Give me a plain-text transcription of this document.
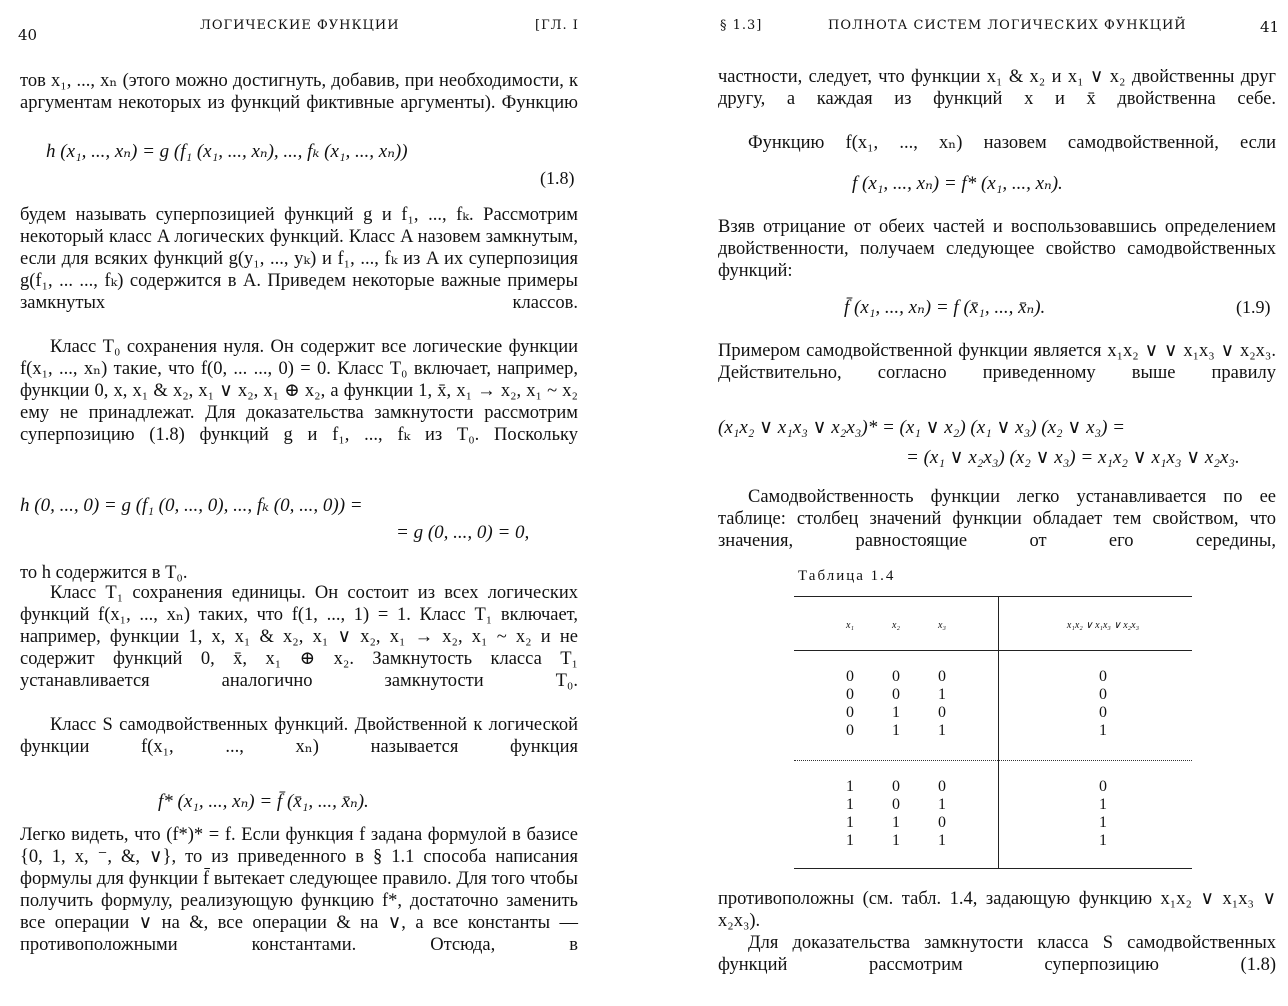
40
ЛОГИЧЕСКИЕ ФУНКЦИИ	[ГЛ. I
тов x₁, ..., xₙ (этого можно достигнуть, добавив, при необходимости, к аргументам некоторых из функций фиктивные аргументы). Функцию
h (x₁, ..., xₙ) = g (f₁ (x₁, ..., xₙ), ..., fₖ (x₁, ..., xₙ))
(1.8)
будем называть суперпозицией функций g и f₁, ..., fₖ. Рассмотрим некоторый класс A логических функций. Класс A назовем замкнутым, если для всяких функций g(y₁, ..., yₖ) и f₁, ..., fₖ из A их суперпозиция g(f₁, ... ..., fₖ) содержится в A. Приведем некоторые важные примеры замкнутых классов.
Класс T₀ сохранения нуля. Он содержит все логические функции f(x₁, ..., xₙ) такие, что f(0, ... ..., 0) = 0. Класс T₀ включает, например, функции 0, x, x₁ & x₂, x₁ ∨ x₂, x₁ ⊕ x₂, а функции 1, x̄, x₁ → x₂, x₁ ~ x₂ ему не принадлежат. Для доказательства замкнутости рассмотрим суперпозицию (1.8) функций g и f₁, ..., fₖ из T₀. Поскольку
h (0, ..., 0) = g (f₁ (0, ..., 0), ..., fₖ (0, ..., 0)) =
= g (0, ..., 0) = 0,
то h содержится в T₀.
Класс T₁ сохранения единицы. Он состоит из всех логических функций f(x₁, ..., xₙ) таких, что f(1, ..., 1) = 1. Класс T₁ включает, например, функции 1, x, x₁ & x₂, x₁ ∨ x₂, x₁ → x₂, x₁ ~ x₂ и не содержит функций 0, x̄, x₁ ⊕ x₂. Замкнутость класса T₁ устанавливается аналогично замкнутости T₀.
Класс S самодвойственных функций. Двойственной к логической функции f(x₁, ..., xₙ) называется функция
f* (x₁, ..., xₙ) = f̄ (x̄₁, ..., x̄ₙ).
Легко видеть, что (f*)* = f. Если функция f задана формулой в базисе {0, 1, x, ⁻, &, ∨}, то из приведенного в § 1.1 способа написания формулы для функции f̄ вытекает следующее правило. Для того чтобы получить формулу, реализующую функцию f*, достаточно заменить все операции ∨ на &, все операции & на ∨, а все константы — противоположными константами. Отсюда, в
§ 1.3]	ПОЛНОТА СИСТЕМ ЛОГИЧЕСКИХ ФУНКЦИЙ	41
частности, следует, что функции x₁ & x₂ и x₁ ∨ x₂ двойственны друг другу, а каждая из функций x и x̄ двойственна себе.
Функцию f(x₁, ..., xₙ) назовем самодвойственной, если
f (x₁, ..., xₙ) = f* (x₁, ..., xₙ).
Взяв отрицание от обеих частей и воспользовавшись определением двойственности, получаем следующее свойство самодвойственных функций:
f̄ (x₁, ..., xₙ) = f (x̄₁, ..., x̄ₙ).	(1.9)
Примером самодвойственной функции является x₁x₂ ∨ ∨ x₁x₃ ∨ x₂x₃. Действительно, согласно приведенному выше правилу
(x₁x₂ ∨ x₁x₃ ∨ x₂x₃)* = (x₁ ∨ x₂) (x₁ ∨ x₃) (x₂ ∨ x₃) =
= (x₁ ∨ x₂x₃) (x₂ ∨ x₃) = x₁x₂ ∨ x₁x₃ ∨ x₂x₃.
Самодвойственность функции легко устанавливается по ее таблице: столбец значений функции обладает тем свойством, что значения, равностоящие от его середины,
Таблица 1.4
x₁	x₂	x₃	x₁x₂ ∨ x₁x₃ ∨ x₂x₃
0	0	0	0
0	0	1	0
0	1	0	0
0	1	1	1
1	0	0	0
1	0	1	1
1	1	0	1
1	1	1	1
противоположны (см. табл. 1.4, задающую функцию x₁x₂ ∨ x₁x₃ ∨ x₂x₃).
Для доказательства замкнутости класса S самодвойственных функций рассмотрим суперпозицию (1.8)
